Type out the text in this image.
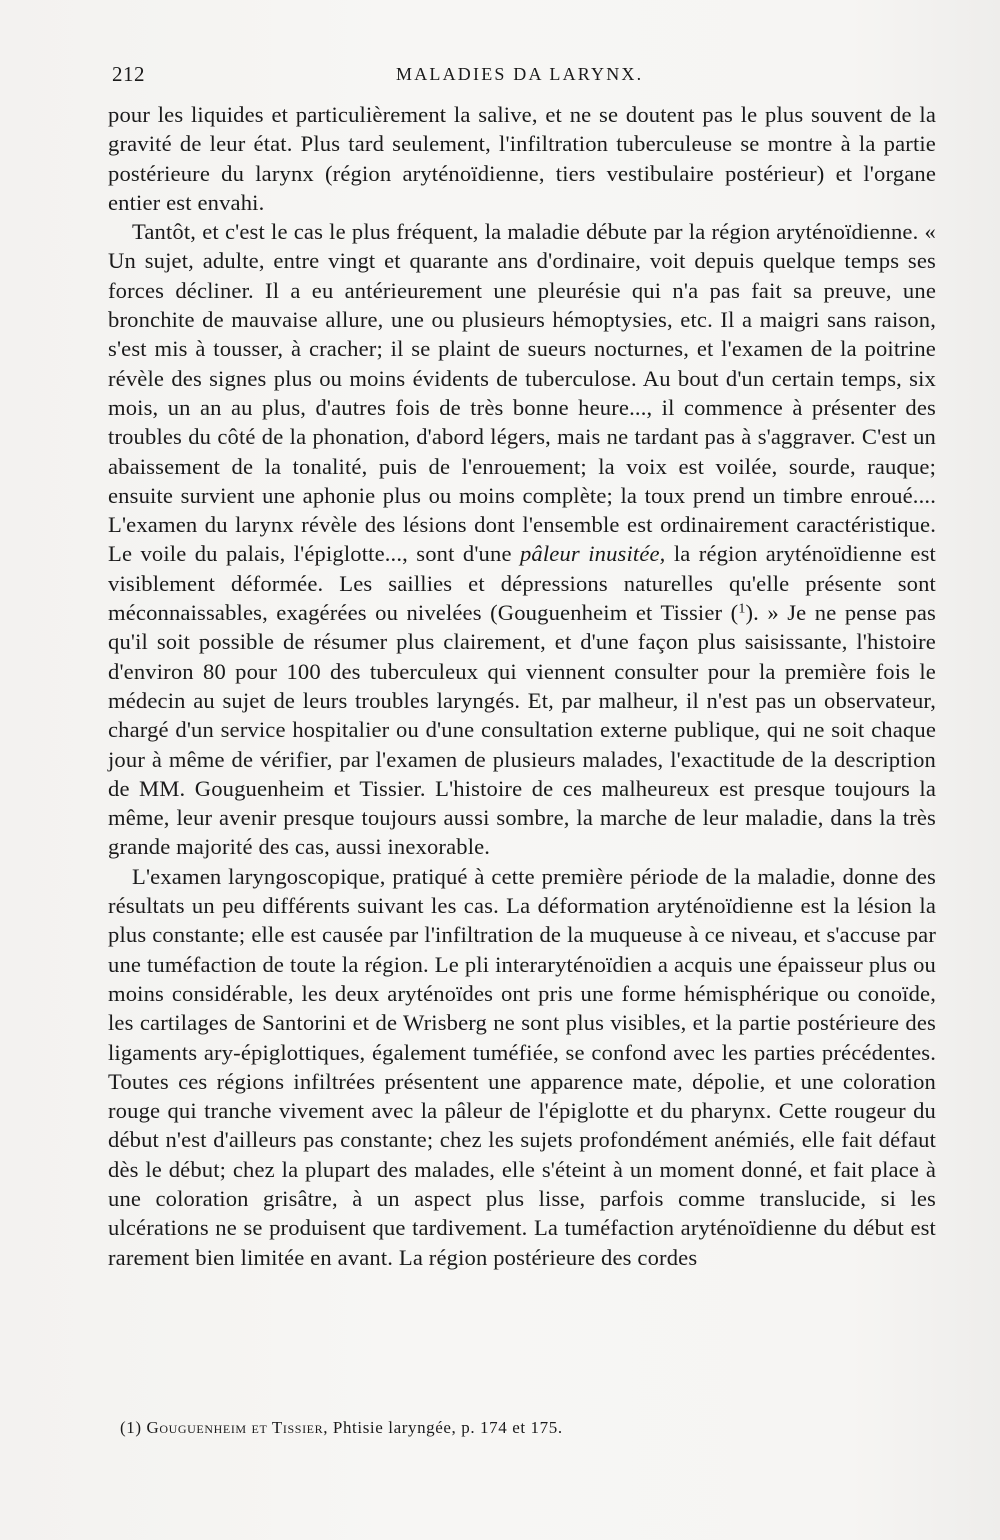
212	MALADIES DA LARYNX.

pour les liquides et particulièrement la salive, et ne se doutent pas le plus souvent de la gravité de leur état. Plus tard seulement, l'infiltration tuberculeuse se montre à la partie postérieure du larynx (région aryténoïdienne, tiers vestibulaire postérieur) et l'organe entier est envahi.

Tantôt, et c'est le cas le plus fréquent, la maladie débute par la région aryténoïdienne. « Un sujet, adulte, entre vingt et quarante ans d'ordinaire, voit depuis quelque temps ses forces décliner. Il a eu antérieurement une pleurésie qui n'a pas fait sa preuve, une bronchite de mauvaise allure, une ou plusieurs hémoptysies, etc. Il a maigri sans raison, s'est mis à tousser, à cracher; il se plaint de sueurs nocturnes, et l'examen de la poitrine révèle des signes plus ou moins évidents de tuberculose. Au bout d'un certain temps, six mois, un an au plus, d'autres fois de très bonne heure..., il commence à présenter des troubles du côté de la phonation, d'abord légers, mais ne tardant pas à s'aggraver. C'est un abaissement de la tonalité, puis de l'enrouement; la voix est voilée, sourde, rauque; ensuite survient une aphonie plus ou moins complète; la toux prend un timbre enroué.... L'examen du larynx révèle des lésions dont l'ensemble est ordinairement caractéristique. Le voile du palais, l'épiglotte..., sont d'une pâleur inusitée, la région aryténoïdienne est visiblement déformée. Les saillies et dépressions naturelles qu'elle présente sont méconnaissables, exagérées ou nivelées (Gouguenheim et Tissier ($^1$). » Je ne pense pas qu'il soit possible de résumer plus clairement, et d'une façon plus saisissante, l'histoire d'environ 80 pour 100 des tuberculeux qui viennent consulter pour la première fois le médecin au sujet de leurs troubles laryngés. Et, par malheur, il n'est pas un observateur, chargé d'un service hospitalier ou d'une consultation externe publique, qui ne soit chaque jour à même de vérifier, par l'examen de plusieurs malades, l'exactitude de la description de MM. Gouguenheim et Tissier. L'histoire de ces malheureux est presque toujours la même, leur avenir presque toujours aussi sombre, la marche de leur maladie, dans la très grande majorité des cas, aussi inexorable.

L'examen laryngoscopique, pratiqué à cette première période de la maladie, donne des résultats un peu différents suivant les cas. La déformation aryténoïdienne est la lésion la plus constante; elle est causée par l'infiltration de la muqueuse à ce niveau, et s'accuse par une tuméfaction de toute la région. Le pli interaryténoïdien a acquis une épaisseur plus ou moins considérable, les deux aryténoïdes ont pris une forme hémisphérique ou conoïde, les cartilages de Santorini et de Wrisberg ne sont plus visibles, et la partie postérieure des ligaments ary-épiglottiques, également tuméfiée, se confond avec les parties précédentes. Toutes ces régions infiltrées présentent une apparence mate, dépolie, et une coloration rouge qui tranche vivement avec la pâleur de l'épiglotte et du pharynx. Cette rougeur du début n'est d'ailleurs pas constante; chez les sujets profondément anémiés, elle fait défaut dès le début; chez la plupart des malades, elle s'éteint à un moment donné, et fait place à une coloration grisâtre, à un aspect plus lisse, parfois comme translucide, si les ulcérations ne se produisent que tardivement. La tuméfaction aryténoïdienne du début est rarement bien limitée en avant. La région postérieure des cordes

(1) Gouguenheim et Tissier, Phtisie laryngée, p. 174 et 175.
